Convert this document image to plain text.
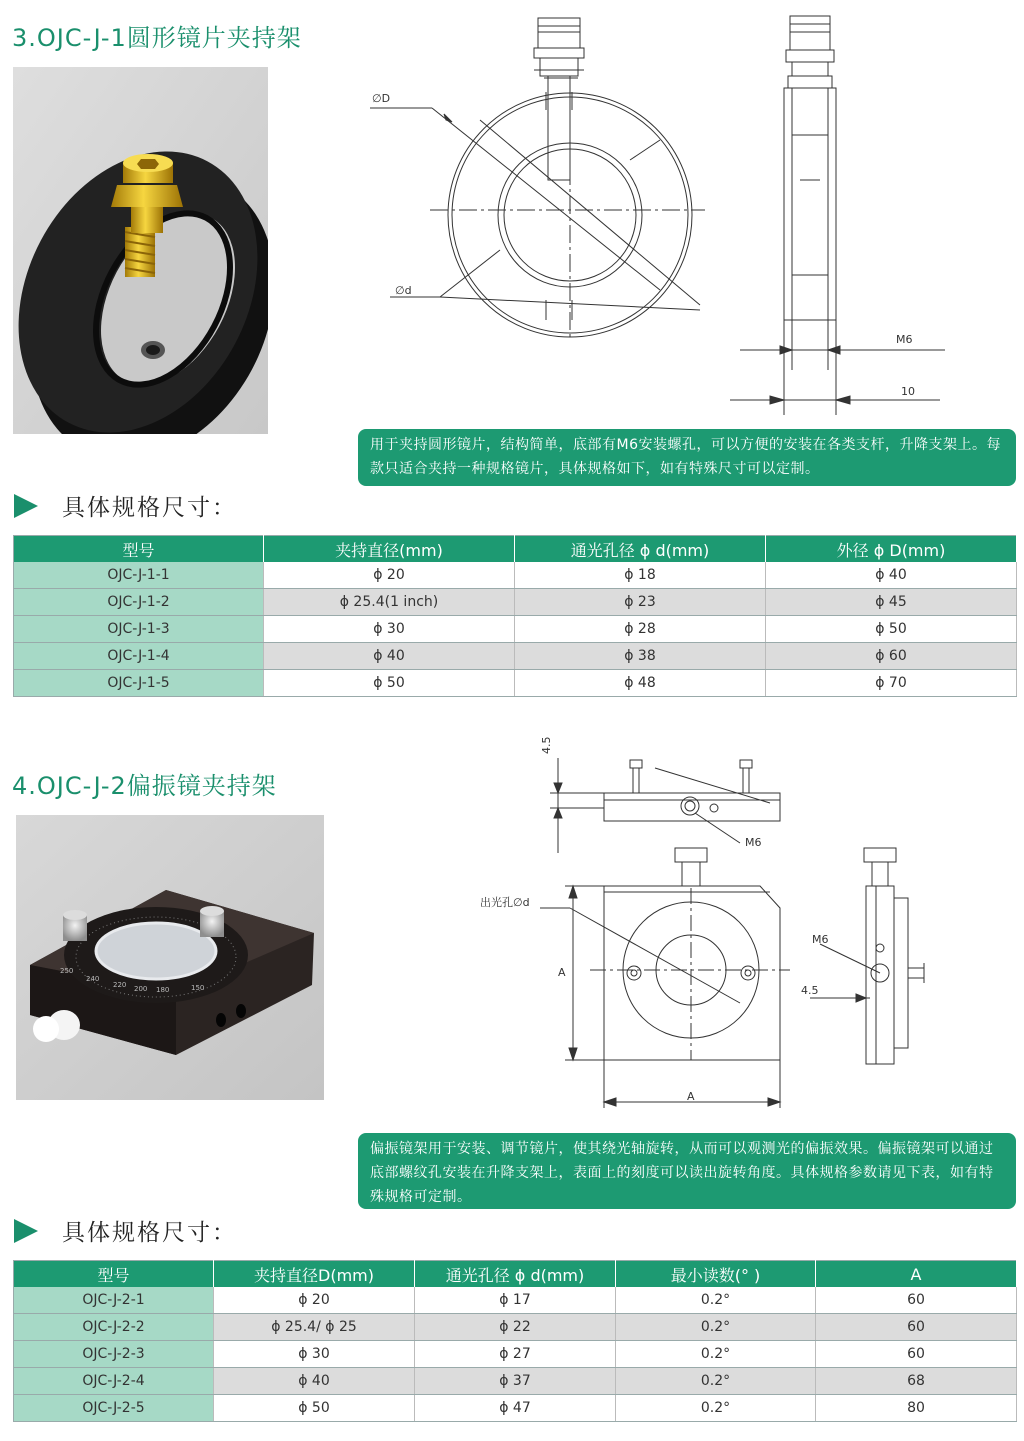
3.OJC-J-1圆形镜片夹持架
∅D
∅d
M6
10
用于夹持圆形镜片，结构简单，底部有M6安装螺孔，可以方便的安装在各类支杆，升降支架上。每款只适合夹持一种规格镜片，具体规格如下，如有特殊尺寸可以定制。
具体规格尺寸：
型号	夹持直径(mm)	通光孔径 ϕ d(mm)	外径 ϕ D(mm)
OJC-J-1-1	ϕ 20	ϕ 18	ϕ 40
OJC-J-1-2	ϕ 25.4(1 inch)	ϕ 23	ϕ 45
OJC-J-1-3	ϕ 30	ϕ 28	ϕ 50
OJC-J-1-4	ϕ 40	ϕ 38	ϕ 60
OJC-J-1-5	ϕ 50	ϕ 48	ϕ 70
4.OJC-J-2偏振镜夹持架
250
240
220 200 180	150
4.5
M6
出光孔∅d
A
A
M6
4.5
偏振镜架用于安装、调节镜片，使其绕光轴旋转，从而可以观测光的偏振效果。偏振镜架可以通过底部螺纹孔安装在升降支架上，表面上的刻度可以读出旋转角度。具体规格参数请见下表，如有特殊规格可定制。
具体规格尺寸：
型号	夹持直径D(mm)	通光孔径 ϕ d(mm)	最小读数(° )	A
OJC-J-2-1	ϕ 20	ϕ 17	0.2°	60
OJC-J-2-2	ϕ 25.4/ ϕ 25	ϕ 22	0.2°	60
OJC-J-2-3	ϕ 30	ϕ 27	0.2°	60
OJC-J-2-4	ϕ 40	ϕ 37	0.2°	68
OJC-J-2-5	ϕ 50	ϕ 47	0.2°	80
